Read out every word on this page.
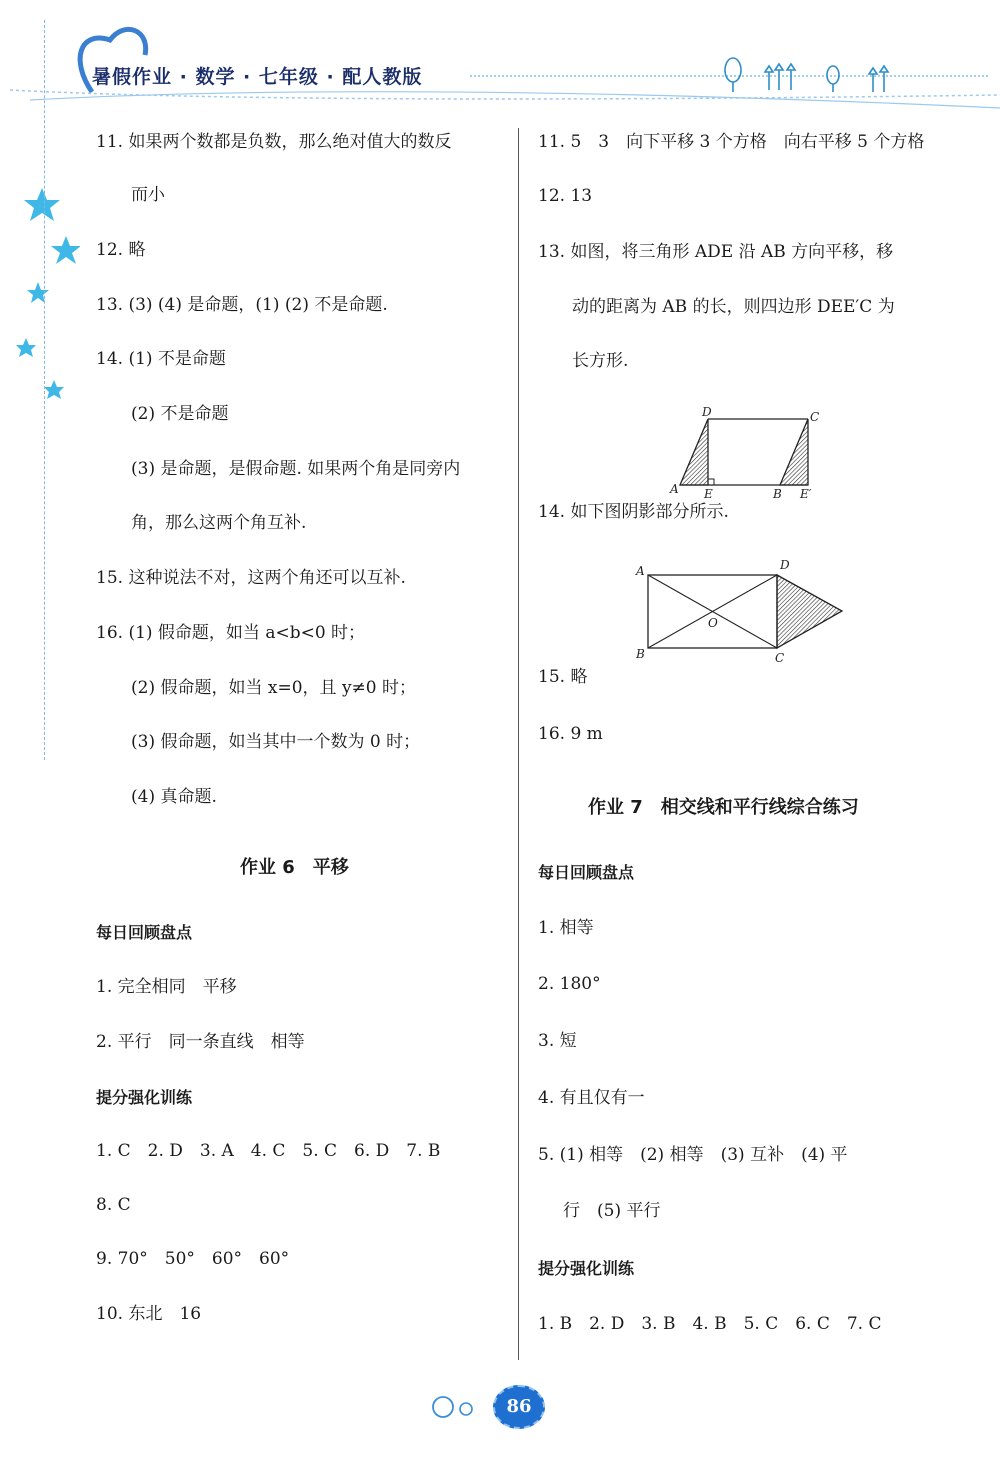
暑假作业 · 数学 · 七年级 · 配人教版
11. 如果两个数都是负数，那么绝对值大的数反
而小
12. 略
13. (3) (4) 是命题，(1) (2) 不是命题.
14. (1) 不是命题
(2) 不是命题
(3) 是命题，是假命题. 如果两个角是同旁内
角，那么这两个角互补.
15. 这种说法不对，这两个角还可以互补.
16. (1) 假命题，如当 a<b<0 时；
(2) 假命题，如当 x=0，且 y≠0 时；
(3) 假命题，如当其中一个数为 0 时；
(4) 真命题.
作业 6　平移
每日回顾盘点
1. 完全相同　平移
2. 平行　同一条直线　相等
提分强化训练
1. C　2. D　3. A　4. C　5. C　6. D　7. B
8. C
9. 70°　50°　60°　60°
10. 东北　16
11. 5　3　向下平移 3 个方格　向右平移 5 个方格
12. 13
13. 如图，将三角形 ADE 沿 AB 方向平移，移
动的距离为 AB 的长，则四边形 DEE′C 为
长方形.
D	C
A E	B E′
14. 如下图阴影部分所示.
A	D
O
B	C
15. 略
16. 9 m
作业 7　相交线和平行线综合练习
每日回顾盘点
1. 相等
2. 180°
3. 短
4. 有且仅有一
5. (1) 相等　(2) 相等　(3) 互补　(4) 平
行　(5) 平行
提分强化训练
1. B　2. D　3. B　4. B　5. C　6. C　7. C
86
